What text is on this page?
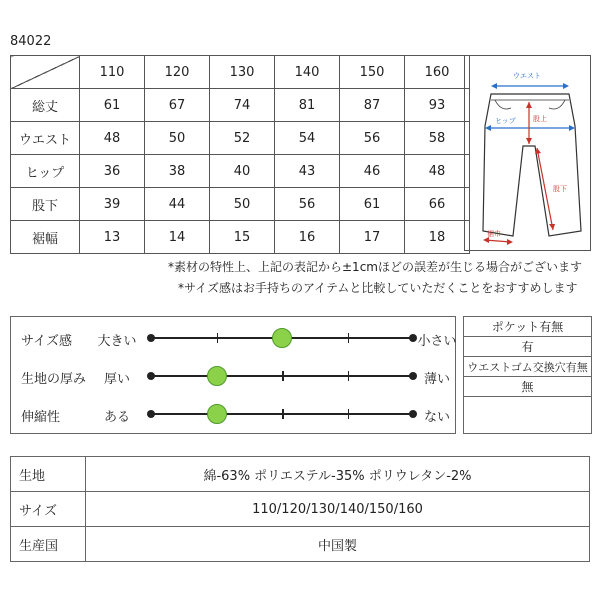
84022
	110	120	130	140	150	160
総丈	61	67	74	81	87	93
ウエスト	48	50	52	54	56	58
ヒップ	36	38	40	43	46	48
股下	39	44	50	56	61	66
裾幅	13	14	15	16	17	18
ウエスト
ヒップ 股上
股下
裾巾
*素材の特性上、上記の表記から±1cmほどの誤差が生じる場合がございます
*サイズ感はお手持ちのアイテムと比較していただくことをおすすめします
サイズ感 大きい	小さい
生地の厚み	厚い	薄い
伸縮性	ある	ない
ポケット有無
有
ウエストゴム交換穴有無
無

生地	綿-63% ポリエステル-35% ポリウレタン-2%
サイズ	110/120/130/140/150/160
生産国	中国製
